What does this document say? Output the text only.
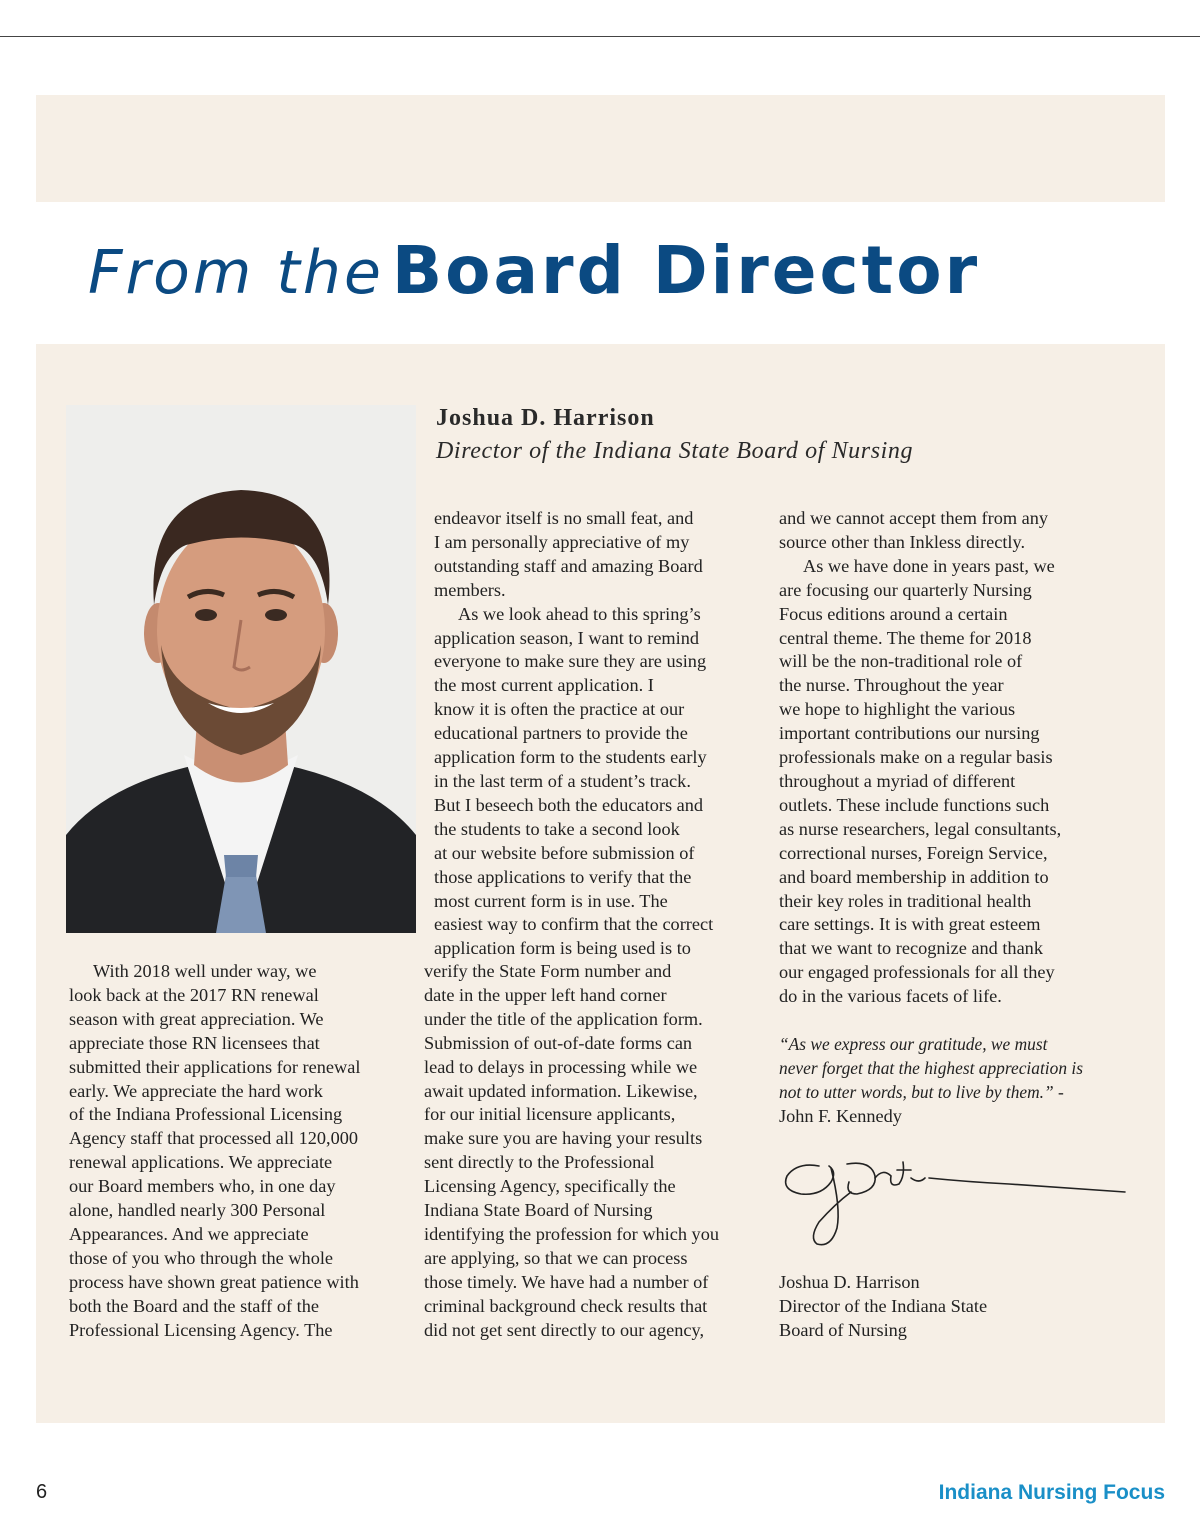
From the Board Director
Joshua D. Harrison
Director of the Indiana State Board of Nursing

With 2018 well under way, we

look back at the 2017 RN renewal

season with great appreciation. We

appreciate those RN licensees that

submitted their applications for renewal

early. We appreciate the hard work

of the Indiana Professional Licensing

Agency staff that processed all 120,000

renewal applications. We appreciate

our Board members who, in one day

alone, handled nearly 300 Personal

Appearances. And we appreciate

those of you who through the whole

process have shown great patience with

both the Board and the staff of the

Professional Licensing Agency. The

endeavor itself is no small feat, and

I am personally appreciative of my

outstanding staff and amazing Board

members.

As we look ahead to this spring’s

application season, I want to remind

everyone to make sure they are using

the most current application. I

know it is often the practice at our

educational partners to provide the

application form to the students early

in the last term of a student’s track.

But I beseech both the educators and

the students to take a second look

at our website before submission of

those applications to verify that the

most current form is in use. The

easiest way to confirm that the correct

application form is being used is to

verify the State Form number and

date in the upper left hand corner

under the title of the application form.

Submission of out-of-date forms can

lead to delays in processing while we

await updated information. Likewise,

for our initial licensure applicants,

make sure you are having your results

sent directly to the Professional

Licensing Agency, specifically the

Indiana State Board of Nursing

identifying the profession for which you

are applying, so that we can process

those timely. We have had a number of

criminal background check results that

did not get sent directly to our agency,

and we cannot accept them from any

source other than Inkless directly.

As we have done in years past, we

are focusing our quarterly Nursing

Focus editions around a certain

central theme. The theme for 2018

will be the non-traditional role of

the nurse. Throughout the year

we hope to highlight the various

important contributions our nursing

professionals make on a regular basis

throughout a myriad of different

outlets. These include functions such

as nurse researchers, legal consultants,

correctional nurses, Foreign Service,

and board membership in addition to

their key roles in traditional health

care settings. It is with great esteem

that we want to recognize and thank

our engaged professionals for all they

do in the various facets of life.

“As we express our gratitude, we must

never forget that the highest appreciation is

not to utter words, but to live by them.” -

John F. Kennedy

Joshua D. Harrison

Director of the Indiana State

Board of Nursing

6	Indiana Nursing Focus
